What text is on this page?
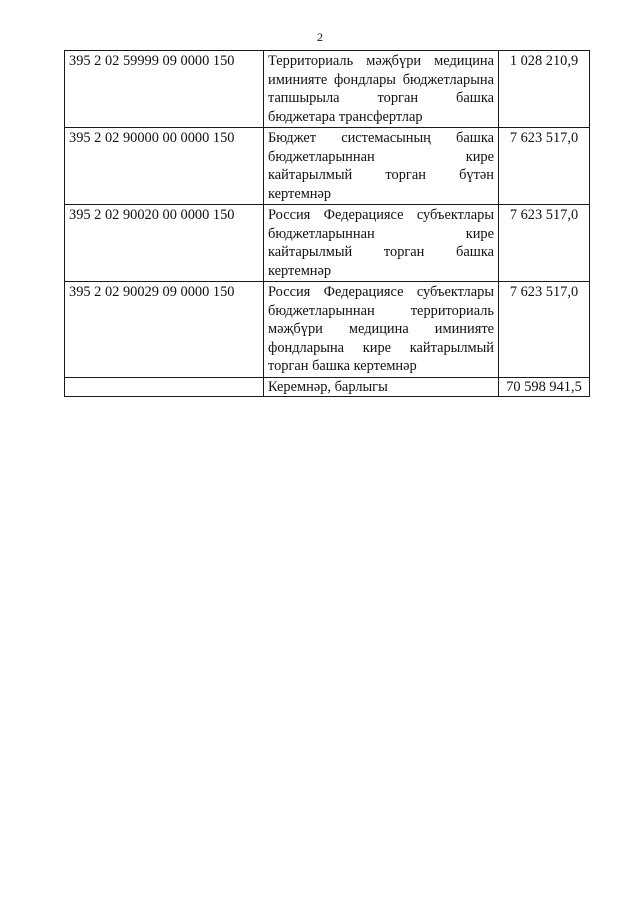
2
395 2 02 59999 09 0000 150	Территориаль мәҗбүри медицина иминияте фондлары бюджетларына тапшырыла торган башка бюджетара трансфертлар	1 028 210,9
395 2 02 90000 00 0000 150	Бюджет системасының башка бюджетларыннан кире кайтарылмый торган бүтән кертемнәр	7 623 517,0
395 2 02 90020 00 0000 150	Россия Федерациясе субъектлары бюджетларыннан кире кайтарылмый торган башка кертемнәр	7 623 517,0
395 2 02 90029 09 0000 150	Россия Федерациясе субъектлары бюджетларыннан территориаль мәҗбүри медицина иминияте фондларына кире кайтарылмый торган башка кертемнәр	7 623 517,0
	Керемнәр, барлыгы	70 598 941,5
